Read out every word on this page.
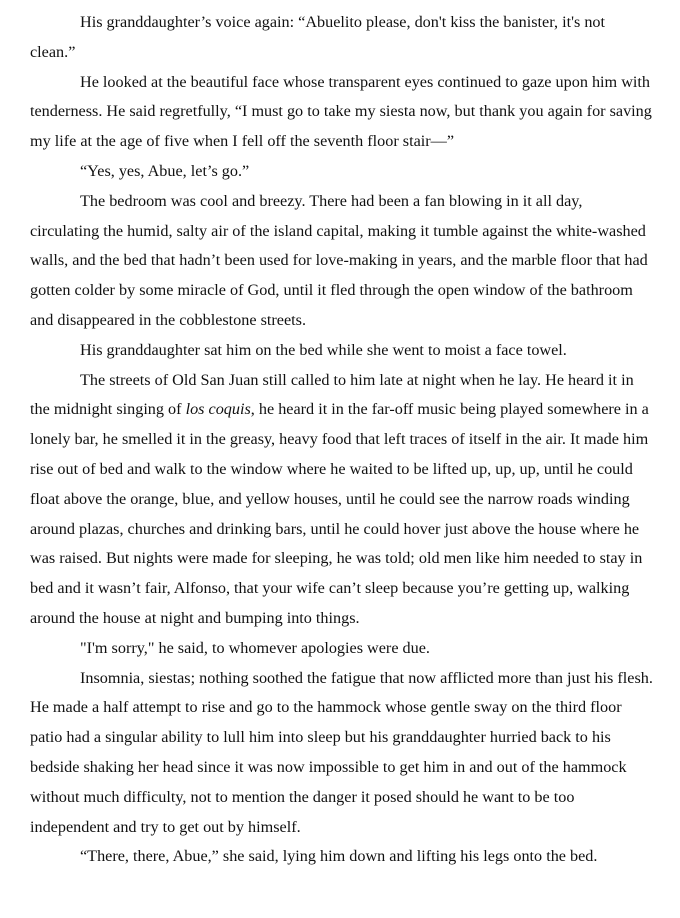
His granddaughter’s voice again: “Abuelito please, don't kiss the banister, it's not clean.”

He looked at the beautiful face whose transparent eyes continued to gaze upon him with tenderness. He said regretfully, “I must go to take my siesta now, but thank you again for saving my life at the age of five when I fell off the seventh floor stair—”

“Yes, yes, Abue, let’s go.”

The bedroom was cool and breezy. There had been a fan blowing in it all day, circulating the humid, salty air of the island capital, making it tumble against the white-washed walls, and the bed that hadn’t been used for love-making in years, and the marble floor that had gotten colder by some miracle of God, until it fled through the open window of the bathroom and disappeared in the cobblestone streets.

His granddaughter sat him on the bed while she went to moist a face towel.

The streets of Old San Juan still called to him late at night when he lay. He heard it in the midnight singing of los coquis, he heard it in the far-off music being played somewhere in a lonely bar, he smelled it in the greasy, heavy food that left traces of itself in the air. It made him rise out of bed and walk to the window where he waited to be lifted up, up, up, until he could float above the orange, blue, and yellow houses, until he could see the narrow roads winding around plazas, churches and drinking bars, until he could hover just above the house where he was raised. But nights were made for sleeping, he was told; old men like him needed to stay in bed and it wasn’t fair, Alfonso, that your wife can’t sleep because you’re getting up, walking around the house at night and bumping into things.

"I'm sorry," he said, to whomever apologies were due.

Insomnia, siestas; nothing soothed the fatigue that now afflicted more than just his flesh. He made a half attempt to rise and go to the hammock whose gentle sway on the third floor patio had a singular ability to lull him into sleep but his granddaughter hurried back to his bedside shaking her head since it was now impossible to get him in and out of the hammock without much difficulty, not to mention the danger it posed should he want to be too independent and try to get out by himself.

“There, there, Abue,” she said, lying him down and lifting his legs onto the bed.
